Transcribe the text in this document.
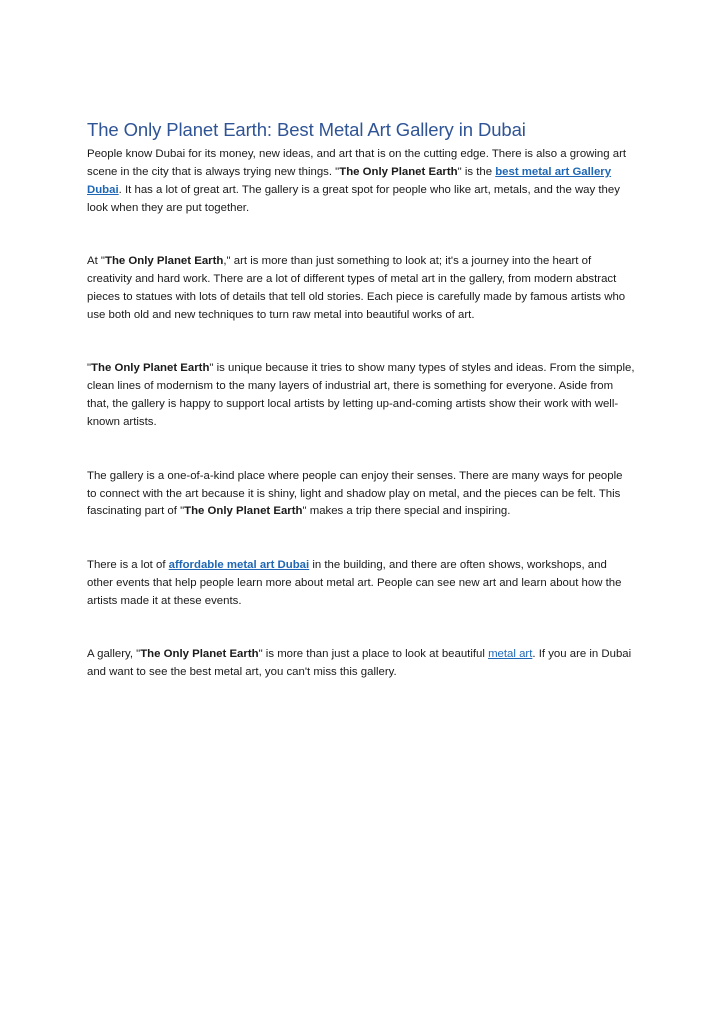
The Only Planet Earth: Best Metal Art Gallery in Dubai

People know Dubai for its money, new ideas, and art that is on the cutting edge. There is also a growing art scene in the city that is always trying new things. "The Only Planet Earth" is the best metal art Gallery Dubai. It has a lot of great art. The gallery is a great spot for people who like art, metals, and the way they look when they are put together.

At "The Only Planet Earth," art is more than just something to look at; it's a journey into the heart of creativity and hard work. There are a lot of different types of metal art in the gallery, from modern abstract pieces to statues with lots of details that tell old stories. Each piece is carefully made by famous artists who use both old and new techniques to turn raw metal into beautiful works of art.

"The Only Planet Earth" is unique because it tries to show many types of styles and ideas. From the simple, clean lines of modernism to the many layers of industrial art, there is something for everyone. Aside from that, the gallery is happy to support local artists by letting up-and-coming artists show their work with well-known artists.

The gallery is a one-of-a-kind place where people can enjoy their senses. There are many ways for people to connect with the art because it is shiny, light and shadow play on metal, and the pieces can be felt. This fascinating part of "The Only Planet Earth" makes a trip there special and inspiring.

There is a lot of affordable metal art Dubai in the building, and there are often shows, workshops, and other events that help people learn more about metal art. People can see new art and learn about how the artists made it at these events.

A gallery, "The Only Planet Earth" is more than just a place to look at beautiful metal art. If you are in Dubai and want to see the best metal art, you can't miss this gallery.
